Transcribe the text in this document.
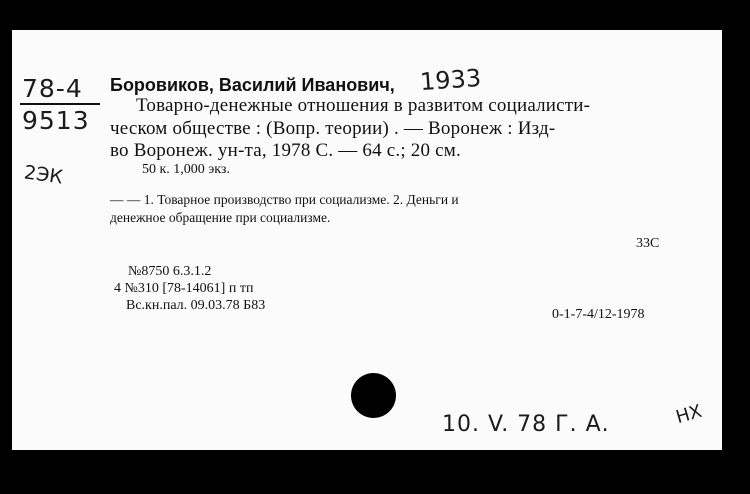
78-4
9513
2ЭК
Боровиков, Василий Иванович, 1933
Товарно-денежные отношения в развитом социалисти-
ческом обществе : (Вопр. теории) . — Воронеж : Изд-
во Воронеж. ун-та, 1978 С. — 64 с.; 20 см.
50 к. 1,000 экз.
— — 1. Товарное производство при социализме. 2. Деньги и
денежное обращение при социализме.
33С
№8750 6.3.1.2
4 №310 [78-14061] п тп
Вс.кн.пал. 09.03.78 Б83
0-1-7-4/12-1978
10. V. 78 Г. А.	НХ
